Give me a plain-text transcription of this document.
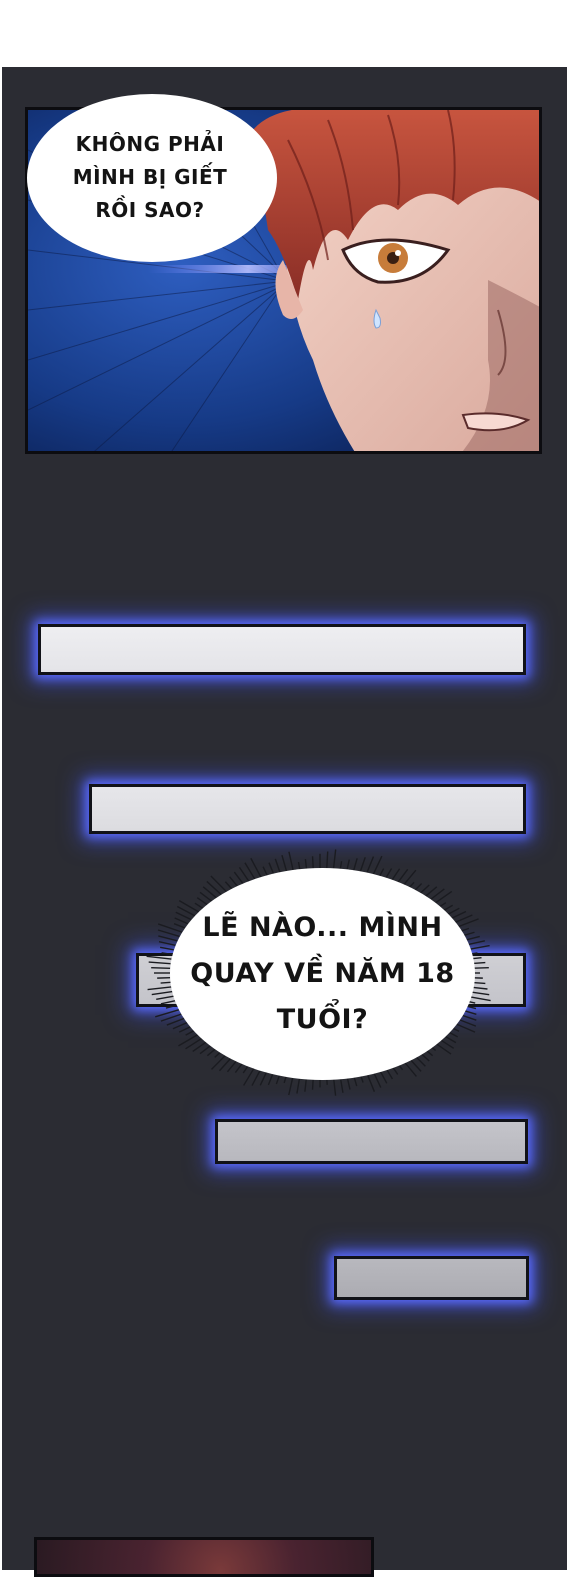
KHÔNG PHẢI
MÌNH BỊ GIẾT
RỒI SAO?
LẼ NÀO... MÌNH
QUAY VỀ NĂM 18
TUỔI?
